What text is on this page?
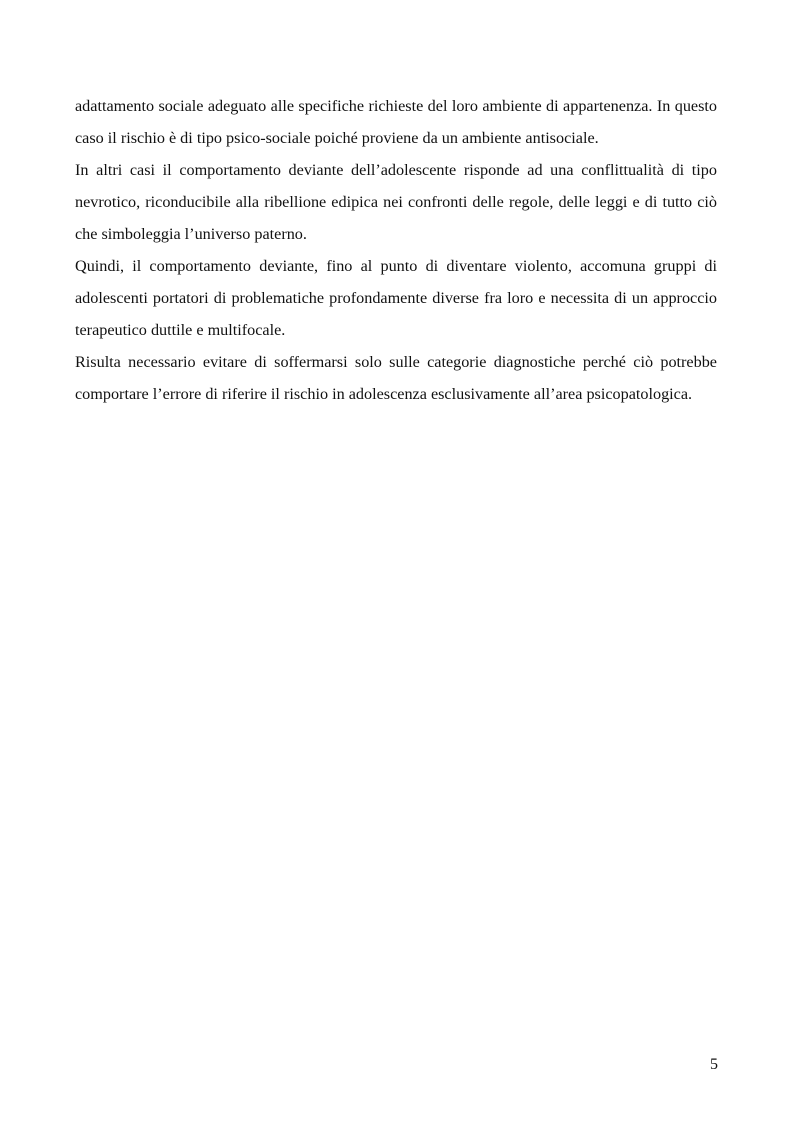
adattamento sociale adeguato alle specifiche richieste del loro ambiente di appartenenza. In questo caso il rischio è di tipo psico-sociale poiché proviene da un ambiente antisociale.

In altri casi il comportamento deviante dell’adolescente risponde ad una conflittualità di tipo nevrotico, riconducibile alla ribellione edipica nei confronti delle regole, delle leggi e di tutto ciò che simboleggia l’universo paterno.

Quindi, il comportamento deviante, fino al punto di diventare violento, accomuna gruppi di adolescenti portatori di problematiche profondamente diverse fra loro e necessita di un approccio terapeutico duttile e multifocale.

Risulta necessario evitare di soffermarsi solo sulle categorie diagnostiche perché ciò potrebbe comportare l’errore di riferire il rischio in adolescenza esclusivamente all’area psicopatologica.

5
